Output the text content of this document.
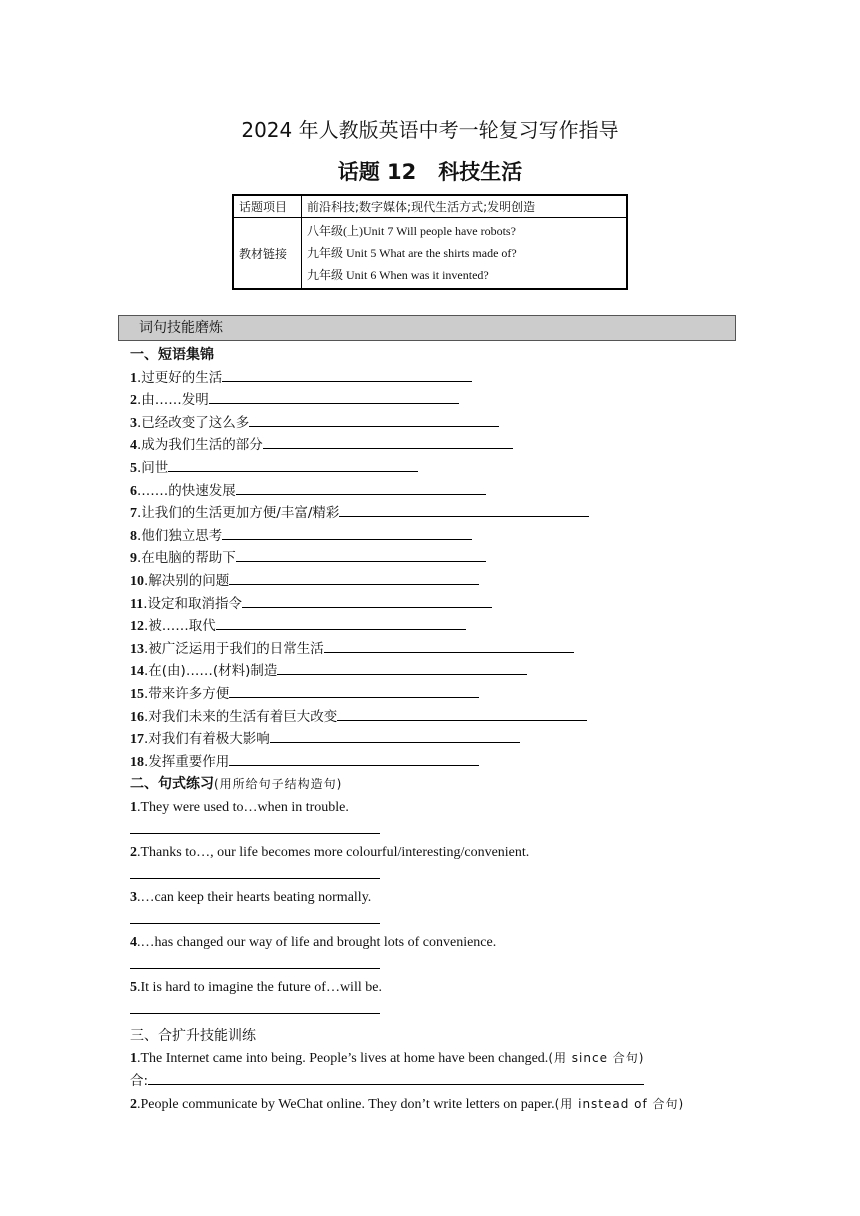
2024 年人教版英语中考一轮复习写作指导
话题 12 科技生活
话题项目	前沿科技;数字媒体;现代生活方式;发明创造
教材链接	八年级(上)Unit 7 Will people have robots?
九年级 Unit 5 What are the shirts made of?
九年级 Unit 6 When was it invented?
词句技能磨炼
一、短语集锦
1.过更好的生活
2.由……发明
3.已经改变了这么多
4.成为我们生活的部分
5.问世
6.……的快速发展
7.让我们的生活更加方便/丰富/精彩
8.他们独立思考
9.在电脑的帮助下
10.解决别的问题
11.设定和取消指令
12.被……取代
13.被广泛运用于我们的日常生活
14.在(由)……(材料)制造
15.带来许多方便
16.对我们未来的生活有着巨大改变
17.对我们有着极大影响
18.发挥重要作用
二、句式练习(用所给句子结构造句)
1.They were used to…when in trouble.
2.Thanks to…, our life becomes more colourful/interesting/convenient.
3.…can keep their hearts beating normally.
4.…has changed our way of life and brought lots of convenience.
5.It is hard to imagine the future of…will be.
三、合扩升技能训练
1.The Internet came into being. People’s lives at home have been changed.(用 since 合句)
合:
2.People communicate by WeChat online. They don’t write letters on paper.(用 instead of 合句)
